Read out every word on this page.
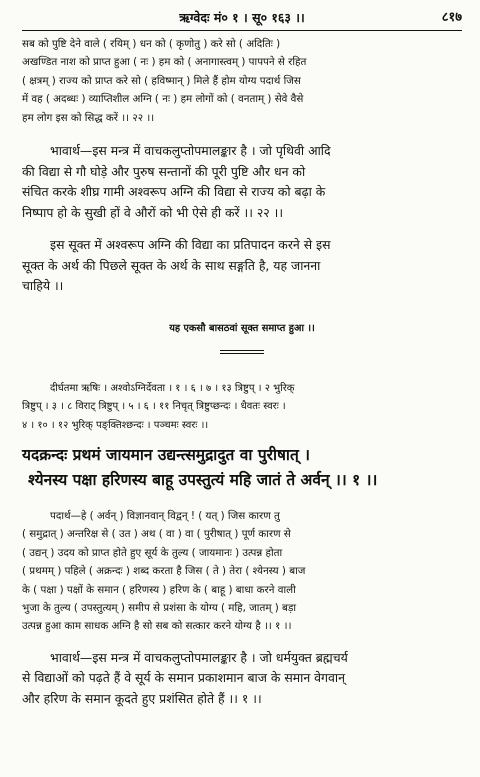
ऋग्वेदः मं० १ । सू० १६३ ।।	८१७

सब को पुष्टि देने वाले ( रयिम् ) धन को ( कृणोतु ) करे सो ( अदितिः )

अखण्डित नाश को प्राप्त हुआ ( नः ) हम को ( अनागास्त्वम् ) पापपने से रहित

( क्षत्रम् ) राज्य को प्राप्त करे सो ( हविष्मान् ) मिले हैं होम योग्य पदार्थ जिस

में वह ( अदब्धः ) व्याप्तिशील अग्नि ( नः ) हम लोगों को ( वनताम् ) सेवे वैसे

हम लोग इस को सिद्ध करें ।। २२ ।।

भावार्थ—इस मन्त्र में वाचकलुप्तोपमालङ्कार है । जो पृथिवी आदि

की विद्या से गौ घोड़े और पुरुष सन्तानों की पूरी पुष्टि और धन को

संचित करके शीघ्र गामी अश्वरूप अग्नि की विद्या से राज्य को बढ़ा के

निष्पाप हो के सुखी हों वे औरों को भी ऐसे ही करें ।। २२ ।।

इस सूक्त में अश्वरूप अग्नि की विद्या का प्रतिपादन करने से इस

सूक्त के अर्थ की पिछले सूक्त के अर्थ के साथ सङ्गति है, यह जानना

चाहिये ।।

यह एकसौ बासठवां सूक्त समाप्त हुआ ।।

दीर्घतमा ऋषिः । अश्वोऽग्निर्देवता । १ । ६ । ७ । १३ त्रिष्टुप् । २ भुरिक्

त्रिष्टुप् । ३ । ८ विराट् त्रिष्टुप् । ५ । ६ । ११ निचृत् त्रिष्टुप्छन्दः । धैवतः स्वरः ।

४ । १० । १२ भुरिक् पङ्क्तिश्छन्दः । पञ्चमः स्वरः ।।

यदक्रन्दः प्रथमं जायमान उद्यन्त्समुद्रादुत वा पुरीषात् ।

श्येनस्य पक्षा हरिणस्य बाहू उपस्तुत्यं महि जातं ते अर्वन् ।। १ ।।

पदार्थ—हे ( अर्वन् ) विज्ञानवान् विद्वन् ! ( यत् ) जिस कारण तु

( समुद्रात् ) अन्तरिक्ष से ( उत ) अथ ( वा ) वा ( पुरीषात् ) पूर्ण कारण से

( उद्यन् ) उदय को प्राप्त होते हुए सूर्य के तुल्य ( जायमानः ) उत्पन्न होता

( प्रथमम् ) पहिले ( अक्रन्दः ) शब्द करता है जिस ( ते ) तेरा ( श्येनस्य ) बाज

के ( पक्षा ) पक्षों के समान ( हरिणस्य ) हरिण के ( बाहू ) बाधा करने वाली

भुजा के तुल्य ( उपस्तुत्यम् ) समीप से प्रशंसा के योग्य ( महि, जातम् ) बड़ा

उत्पन्न हुआ काम साधक अग्नि है सो सब को सत्कार करने योग्य है ।। १ ।।

भावार्थ—इस मन्त्र में वाचकलुप्तोपमालङ्कार है । जो धर्मयुक्त ब्रह्मचर्य

से विद्याओं को पढ़ते हैं वे सूर्य के समान प्रकाशमान बाज के समान वेगवान्

और हरिण के समान कूदते हुए प्रशंसित होते हैं ।। १ ।।
